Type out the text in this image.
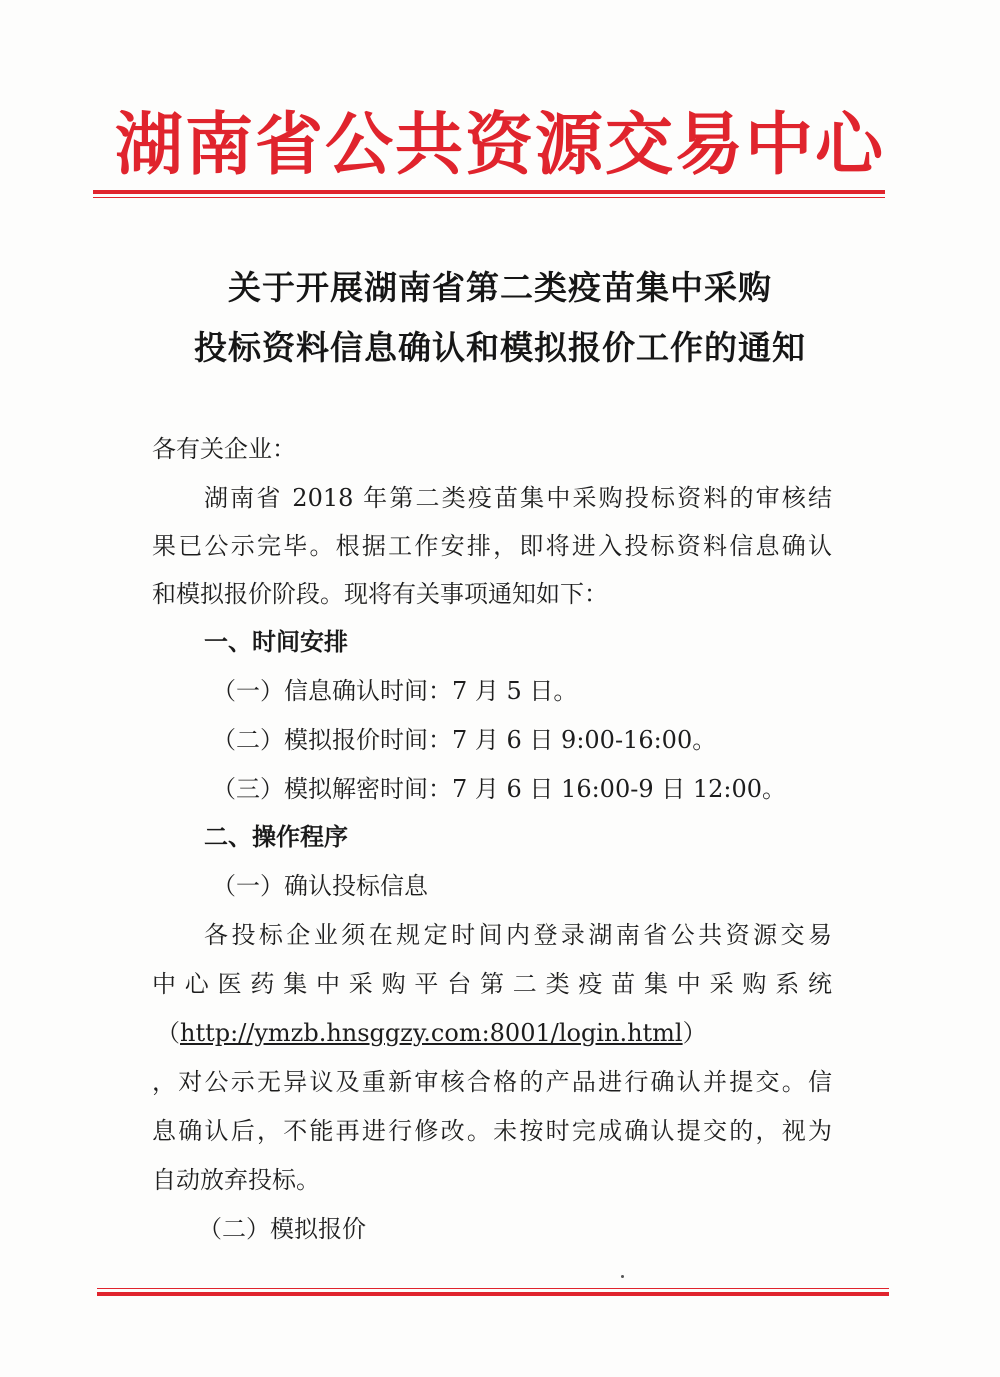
湖南省公共资源交易中心
关于开展湖南省第二类疫苗集中采购
投标资料信息确认和模拟报价工作的通知
各有关企业：
湖南省 2018 年第二类疫苗集中采购投标资料的审核结
果已公示完毕。根据工作安排，即将进入投标资料信息确认
和模拟报价阶段。现将有关事项通知如下：
一、时间安排
（一）信息确认时间：7 月 5 日。
（二）模拟报价时间：7 月 6 日 9:00-16:00。
（三）模拟解密时间：7 月 6 日 16:00-9 日 12:00。
二、操作程序
（一）确认投标信息
各投标企业须在规定时间内登录湖南省公共资源交易
中心医药集中采购平台第二类疫苗集中采购系统
（http://ymzb.hnsggzy.com:8001/login.html）
，对公示无异议及重新审核合格的产品进行确认并提交。信
息确认后，不能再进行修改。未按时完成确认提交的，视为
自动放弃投标。
（二）模拟报价
